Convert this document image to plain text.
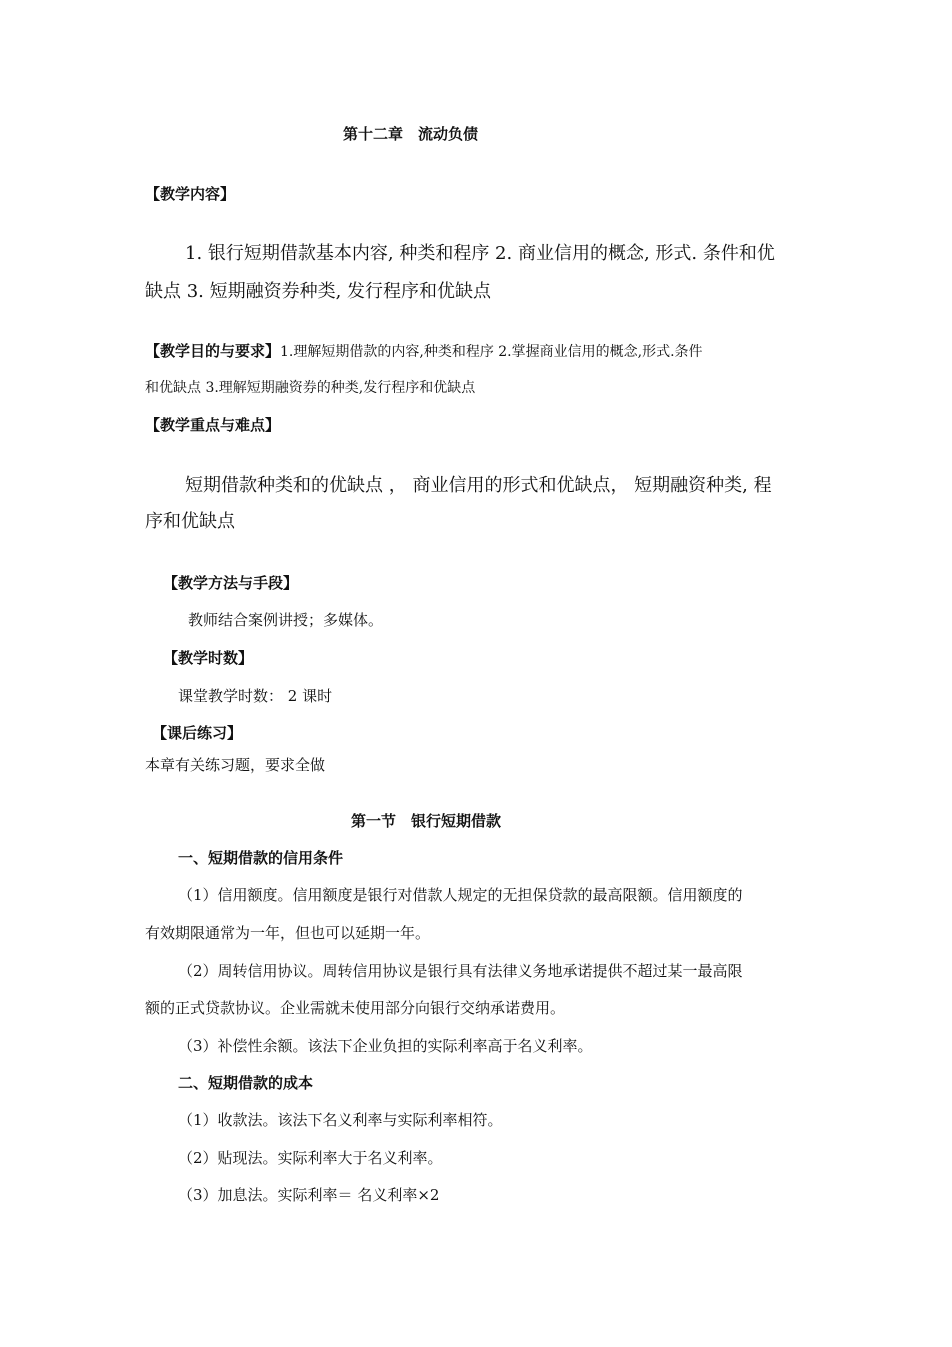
第十二章　流动负债
【教学内容】
1. 银行短期借款基本内容, 种类和程序 2. 商业信用的概念, 形式. 条件和优
缺点 3. 短期融资券种类, 发行程序和优缺点
【教学目的与要求】1.理解短期借款的内容,种类和程序 2.掌握商业信用的概念,形式.条件
和优缺点 3.理解短期融资券的种类,发行程序和优缺点
【教学重点与难点】
短期借款种类和的优缺点 ， 商业信用的形式和优缺点， 短期融资种类, 程
序和优缺点
【教学方法与手段】
教师结合案例讲授；多媒体。
【教学时数】
课堂教学时数： 2 课时
【课后练习】
本章有关练习题，要求全做
第一节　银行短期借款
一、短期借款的信用条件
（1）信用额度。信用额度是银行对借款人规定的无担保贷款的最高限额。信用额度的
有效期限通常为一年，但也可以延期一年。
（2）周转信用协议。周转信用协议是银行具有法律义务地承诺提供不超过某一最高限
额的正式贷款协议。企业需就未使用部分向银行交纳承诺费用。
（3）补偿性余额。该法下企业负担的实际利率高于名义利率。
二、短期借款的成本
（1）收款法。该法下名义利率与实际利率相符。
（2）贴现法。实际利率大于名义利率。
（3）加息法。实际利率＝ 名义利率×2
